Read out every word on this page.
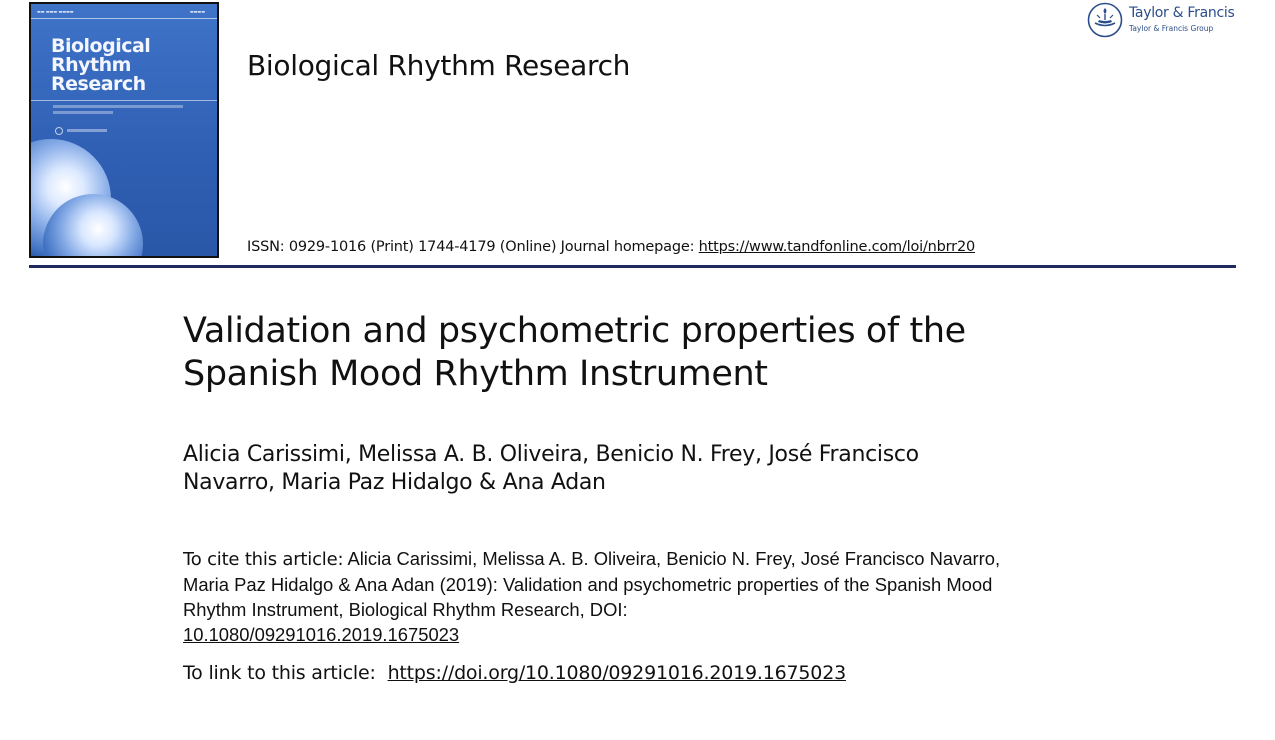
▬▬ ▬▬▬ ▬▬▬▬	▬▬▬▬
Biological
Rhythm
Research
Biological Rhythm Research
Taylor & Francis
Taylor & Francis Group
ISSN: 0929-1016 (Print) 1744-4179 (Online) Journal homepage: https://www.tandfonline.com/loi/nbrr20
Validation and psychometric properties of the
Spanish Mood Rhythm Instrument
Alicia Carissimi, Melissa A. B. Oliveira, Benicio N. Frey, José Francisco
Navarro, Maria Paz Hidalgo & Ana Adan
To cite this article: Alicia Carissimi, Melissa A. B. Oliveira, Benicio N. Frey, José Francisco Navarro, Maria Paz Hidalgo & Ana Adan (2019): Validation and psychometric properties of the Spanish Mood Rhythm Instrument, Biological Rhythm Research, DOI:
10.1080/09291016.2019.1675023
To link to this article: https://doi.org/10.1080/09291016.2019.1675023
